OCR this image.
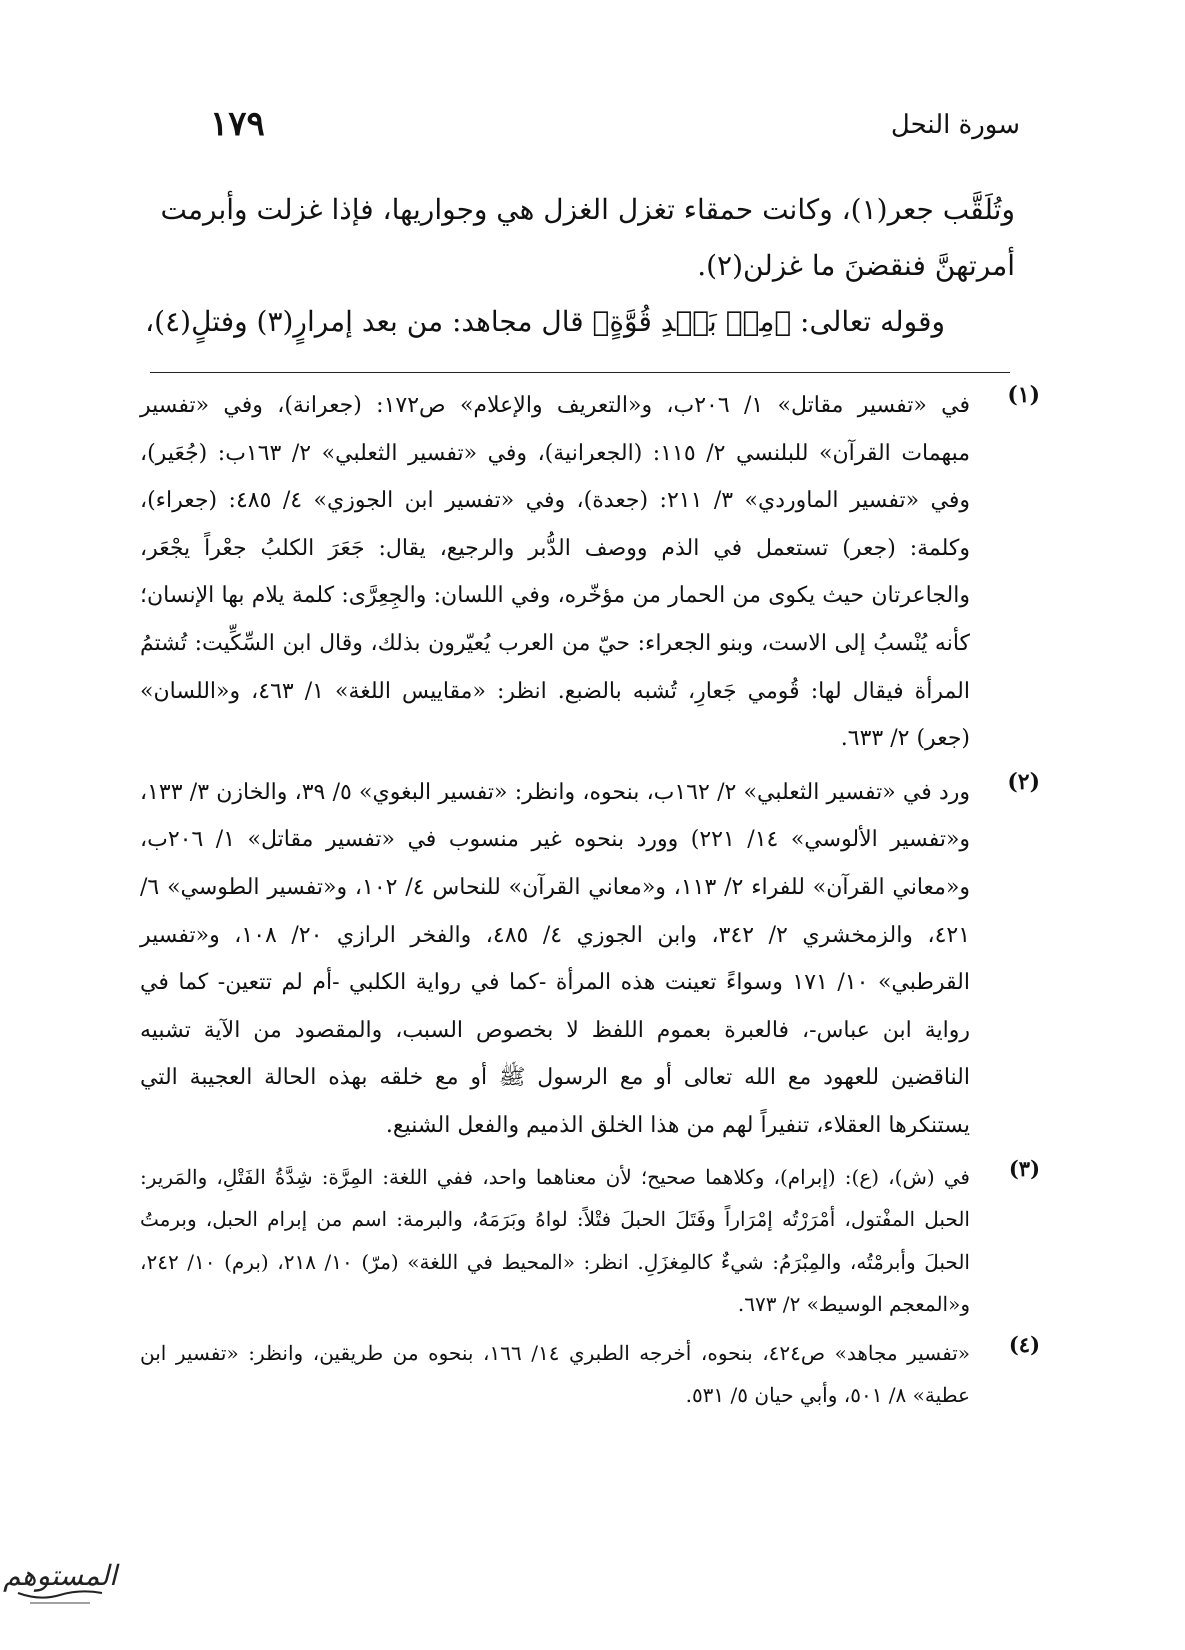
سورة النحل
١٧٩

وتُلَقَّب جعر(١)، وكانت حمقاء تغزل الغزل هي وجواريها، فإذا غزلت وأبرمت

أمرتهنَّ فنقضنَ ما غزلن(٢).

وقوله تعالى: ﴿مِنۢ بَعۡدِ قُوَّةٍ﴾ قال مجاهد: من بعد إمرارٍ(٣) وفتلٍ(٤)،

(١)
في «تفسير مقاتل» ١/ ٢٠٦ب، و«التعريف والإعلام» ص١٧٢: (جعرانة)، وفي «تفسير مبهمات القرآن» للبلنسي ٢/ ١١٥: (الجعرانية)، وفي «تفسير الثعلبي» ٢/ ١٦٣ب: (جُعَير)، وفي «تفسير الماوردي» ٣/ ٢١١: (جعدة)، وفي «تفسير ابن الجوزي» ٤/ ٤٨٥: (جعراء)، وكلمة: (جعر) تستعمل في الذم ووصف الدُّبر والرجيع، يقال: جَعَرَ الكلبُ جعْراً يجْعَر، والجاعرتان حيث يكوى من الحمار من مؤخّره، وفي اللسان: والجِعِرَّى: كلمة يلام بها الإنسان؛ كأنه يُنْسبُ إلى الاست، وبنو الجعراء: حيّ من العرب يُعيّرون بذلك، وقال ابن السِّكِّيت: تُشتمُ المرأة فيقال لها: قُومي جَعارِ، تُشبه بالضبع. انظر: «مقاييس اللغة» ١/ ٤٦٣، و«اللسان» (جعر) ٢/ ٦٣٣.
(٢)
ورد في «تفسير الثعلبي» ٢/ ١٦٢ب، بنحوه، وانظر: «تفسير البغوي» ٥/ ٣٩، والخازن ٣/ ١٣٣، و«تفسير الألوسي» ١٤/ ٢٢١) وورد بنحوه غير منسوب في «تفسير مقاتل» ١/ ٢٠٦ب، و«معاني القرآن» للفراء ٢/ ١١٣، و«معاني القرآن» للنحاس ٤/ ١٠٢، و«تفسير الطوسي» ٦/ ٤٢١، والزمخشري ٢/ ٣٤٢، وابن الجوزي ٤/ ٤٨٥، والفخر الرازي ٢٠/ ١٠٨، و«تفسير القرطبي» ١٠/ ١٧١ وسواءً تعينت هذه المرأة -كما في رواية الكلبي -أم لم تتعين- كما في رواية ابن عباس-، فالعبرة بعموم اللفظ لا بخصوص السبب، والمقصود من الآية تشبيه الناقضين للعهود مع الله تعالى أو مع الرسول ﷺ أو مع خلقه بهذه الحالة العجيبة التي يستنكرها العقلاء، تنفيراً لهم من هذا الخلق الذميم والفعل الشنيع.
(٣)
في (ش)، (ع): (إبرام)، وكلاهما صحيح؛ لأن معناهما واحد، ففي اللغة: المِرَّة: شِدَّةُ الفَتْلِ، والمَرير: الحبل المفْتول، أمْرَرْتُه إمْرَاراً وفَتَلَ الحبلَ فتْلاً: لواهُ وبَرَمَهُ، والبرمة: اسم من إبرام الحبل، وبرمتُ الحبلَ وأبرمْتُه، والمِبْرَمُ: شيءٌ كالمِغزَلِ. انظر: «المحيط في اللغة» (مرّ) ١٠/ ٢١٨، (برم) ١٠/ ٢٤٢، و«المعجم الوسيط» ٢/ ٦٧٣.
(٤)
«تفسير مجاهد» ص٤٢٤، بنحوه، أخرجه الطبري ١٤/ ١٦٦، بنحوه من طريقين، وانظر: «تفسير ابن عطية» ٨/ ٥٠١، وأبي حيان ٥/ ٥٣١.
المستوهم
